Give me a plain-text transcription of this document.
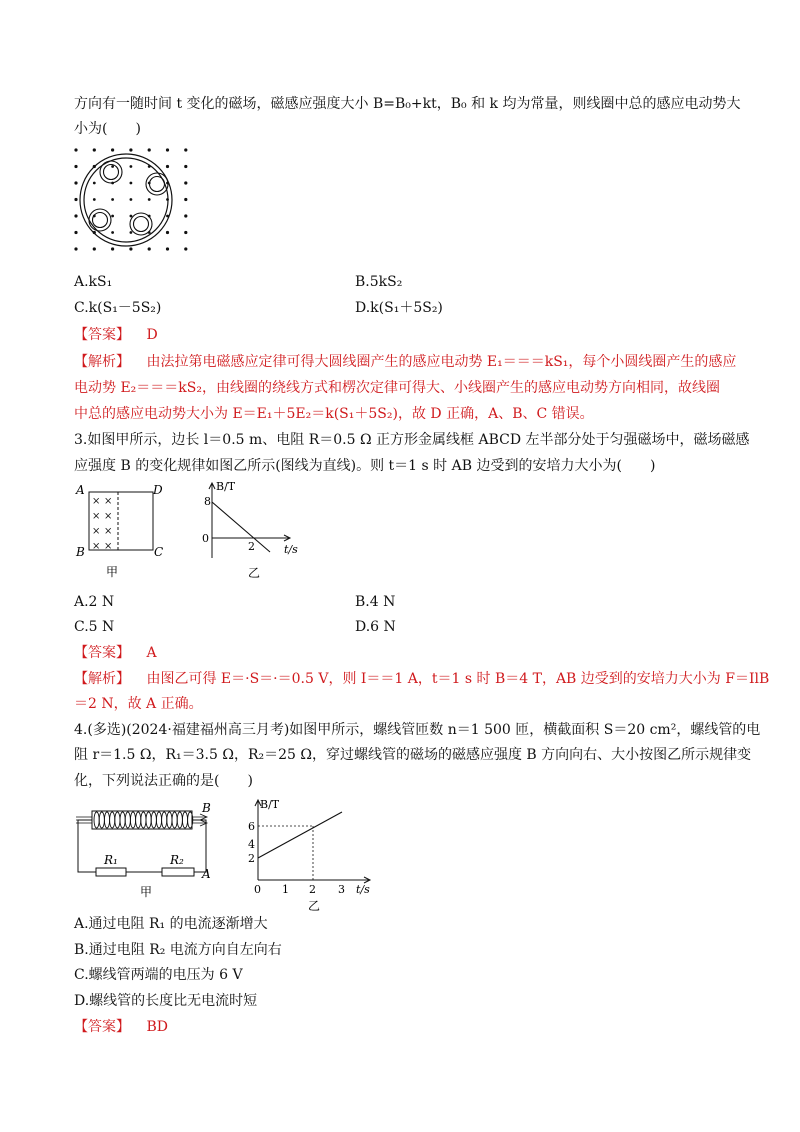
方向有一随时间 t 变化的磁场，磁感应强度大小 B=B₀+kt，B₀ 和 k 均为常量，则线圈中总的感应电动势大
小为(　　)
A.kS₁	B.5kS₂
C.k(S₁－5S₂)	D.k(S₁＋5S₂)
【答案】 D
【解析】 由法拉第电磁感应定律可得大圆线圈产生的感应电动势 E₁＝＝＝kS₁，每个小圆线圈产生的感应
电动势 E₂＝＝＝kS₂，由线圈的绕线方式和楞次定律可得大、小线圈产生的感应电动势方向相同，故线圈
中总的感应电动势大小为 E＝E₁＋5E₂＝k(S₁＋5S₂)，故 D 正确，A、B、C 错误。
3.如图甲所示，边长 l＝0.5 m、电阻 R＝0.5 Ω 正方形金属线框 ABCD 左半部分处于匀强磁场中，磁场磁感
应强度 B 的变化规律如图乙所示(图线为直线)。则 t＝1 s 时 AB 边受到的安培力大小为(　　)
× ×
× ×
× ×
× ×
A	D
B	C
甲
B/T
8
0
2	t/s
乙
A.2 N	B.4 N
C.5 N	D.6 N
【答案】 A
【解析】 由图乙可得 E＝·S＝·＝0.5 V，则 I＝＝1 A，t＝1 s 时 B＝4 T，AB 边受到的安培力大小为 F＝IlB
＝2 N，故 A 正确。
4.(多选)(2024·福建福州高三月考)如图甲所示，螺线管匝数 n＝1 500 匝，横截面积 S＝20 cm²，螺线管的电
阻 r＝1.5 Ω，R₁＝3.5 Ω，R₂＝25 Ω，穿过螺线管的磁场的磁感应强度 B 方向向右、大小按图乙所示规律变
化，下列说法正确的是(　　)
B
R₁	R₂
A
甲
B/T
6
4
2
0 1 2 3 t/s
乙
A.通过电阻 R₁ 的电流逐渐增大
B.通过电阻 R₂ 电流方向自左向右
C.螺线管两端的电压为 6 V
D.螺线管的长度比无电流时短
【答案】 BD
